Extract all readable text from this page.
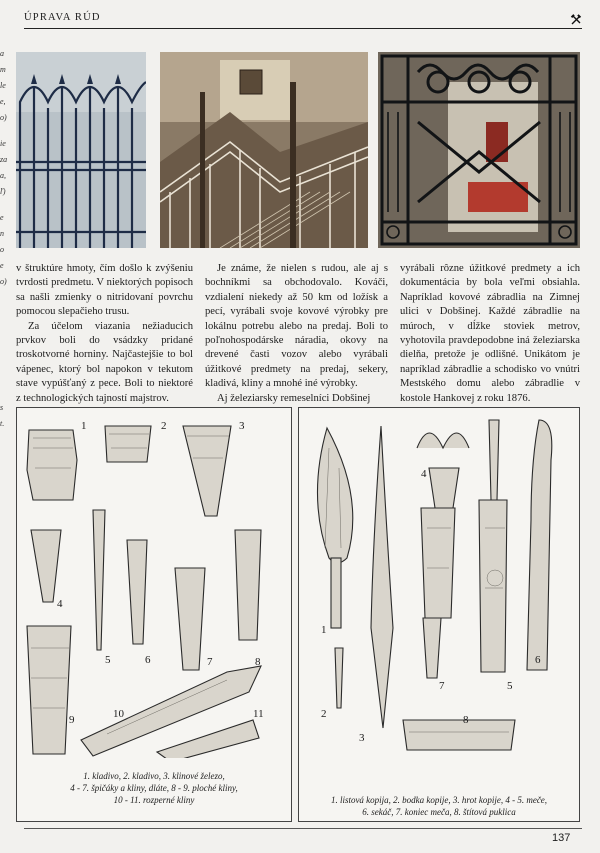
ÚPRAVA RÚD
a
m
le
e,
o)
ie
za
a,
ľ)
e
n
o
e
o)
s
t.

v štruktúre hmoty, čím došlo k zvýšeniu tvrdosti predmetu. V niektorých popisoch sa našli zmienky o nitridovaní povrchu pomocou slepačieho trusu.

Za účelom viazania nežiaducich prvkov boli do vsádzky pridané troskotvorné horniny. Najčastejšie to bol vápenec, ktorý bol napokon v tekutom stave vypúšťaný z pece. Boli to niektoré z technologických tajností majstrov.

Je známe, že nielen s rudou, ale aj s bochníkmi sa obchodovalo. Kováči, vzdialení niekedy až 50 km od ložísk a pecí, vyrábali svoje kovové výrobky pre lokálnu potrebu alebo na predaj. Boli to poľnohospodárske náradia, okovy na drevené časti vozov alebo vyrábali úžitkové predmety na predaj, sekery, kladivá, kliny a mnohé iné výrobky.

Aj železiarsky remeselníci Dobšinej

vyrábali rôzne úžitkové predmety a ich dokumentácia by bola veľmi obsiahla. Napríklad kovové zábradlia na Zimnej ulici v Dobšinej. Každé zábradlie na múroch, v dĺžke stoviek metrov, vyhotovila pravdepodobne iná železiarska dielňa, pretože je odlišné. Unikátom je napríklad zábradlie a schodisko vo vnútri Mestského domu alebo zábradlie v kostole Hankovej z roku 1876.

1	2	3
4
5	6	7	8
9	10	11
1. kladivo, 2. kladivo, 3. klinové železo,
4 - 7. špičáky a kliny, dláte, 8 - 9. ploché kliny,
10 - 11. rozperné kliny
1
2
3
4
5
6
7
8
1. listová kopija, 2. bodka kopije, 3. hrot kopije, 4 - 5. meče,
6. sekáč, 7. koniec meča, 8. štítová puklica
137
